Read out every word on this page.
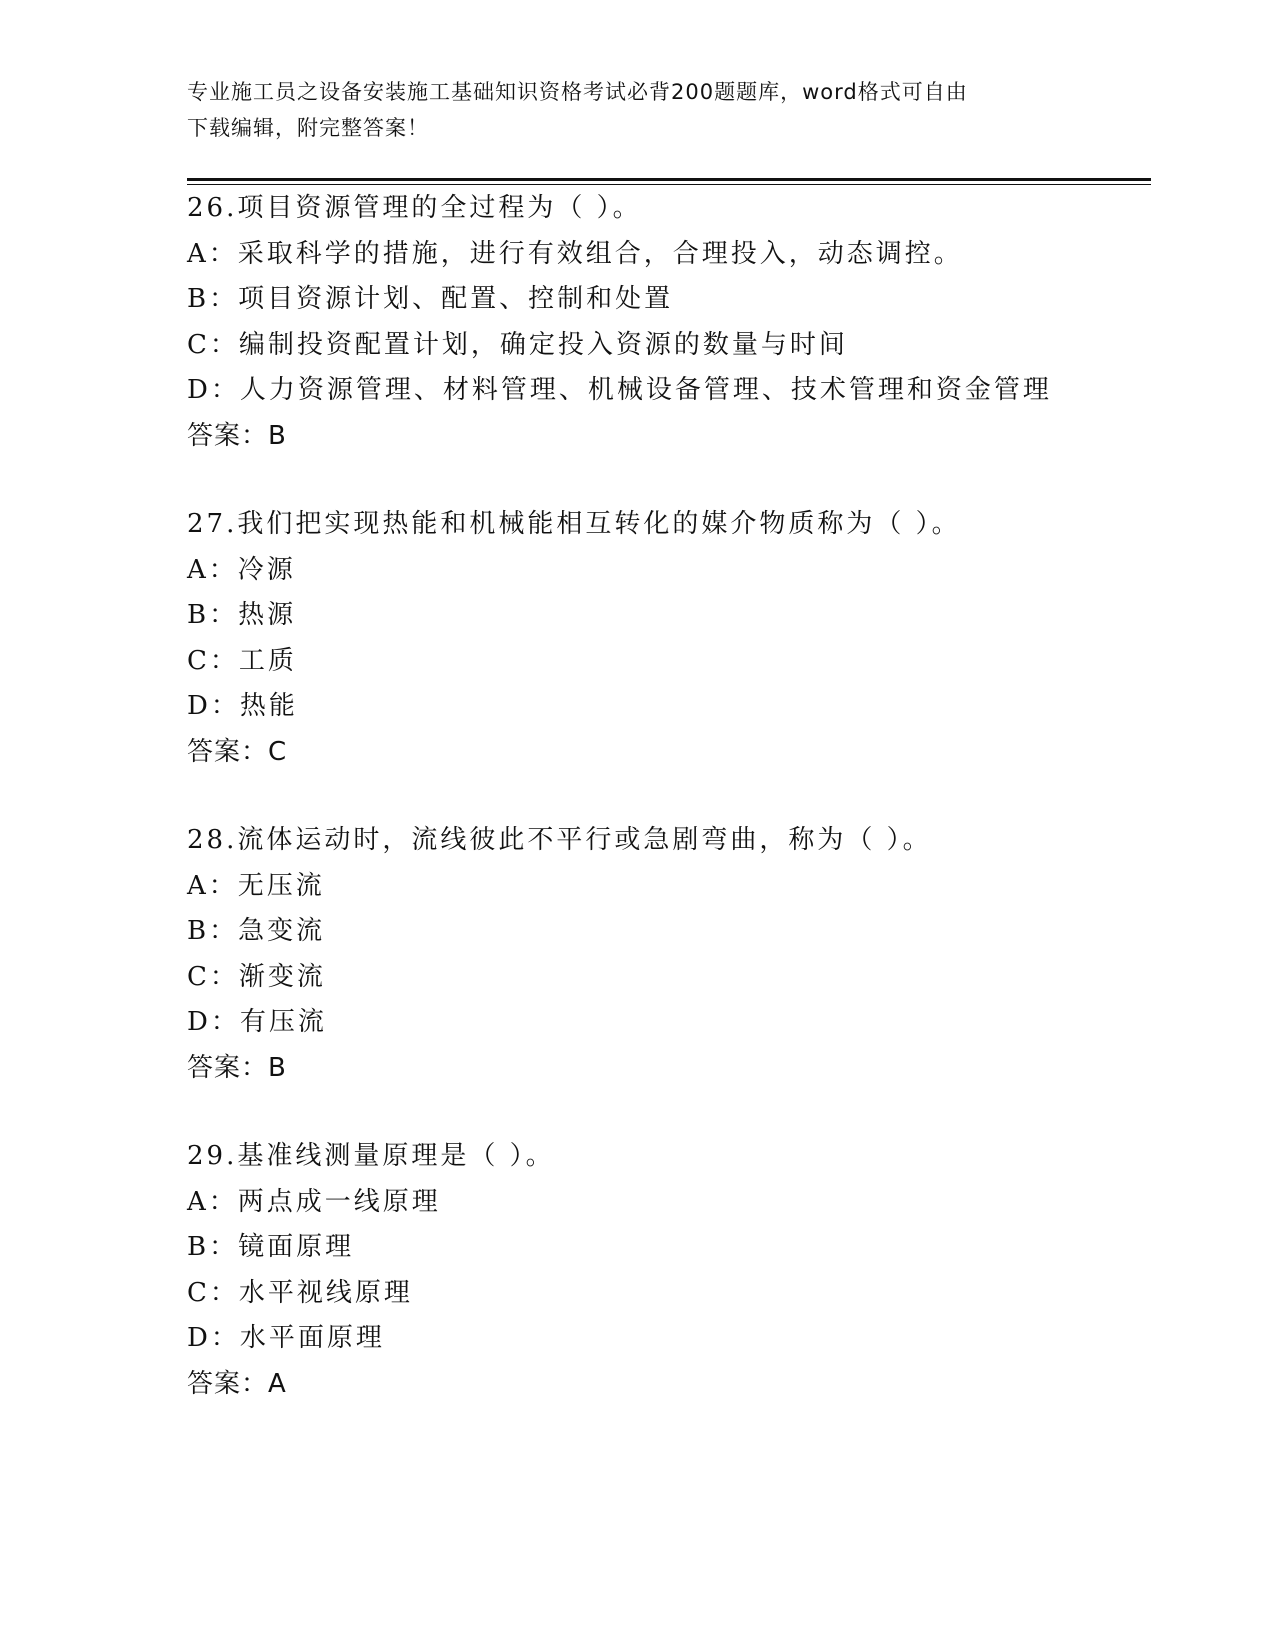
专业施工员之设备安装施工基础知识资格考试必背200题题库，word格式可自由
下载编辑，附完整答案！
26.项目资源管理的全过程为（ ）。
A：采取科学的措施，进行有效组合，合理投入，动态调控。
B：项目资源计划、配置、控制和处置
C：编制投资配置计划，确定投入资源的数量与时间
D：人力资源管理、材料管理、机械设备管理、技术管理和资金管理
答案：B
27.我们把实现热能和机械能相互转化的媒介物质称为（ ）。
A：冷源
B：热源
C：工质
D：热能
答案：C
28.流体运动时，流线彼此不平行或急剧弯曲，称为（ ）。
A：无压流
B：急变流
C：渐变流
D：有压流
答案：B
29.基准线测量原理是（ ）。
A：两点成一线原理
B：镜面原理
C：水平视线原理
D：水平面原理
答案：A
